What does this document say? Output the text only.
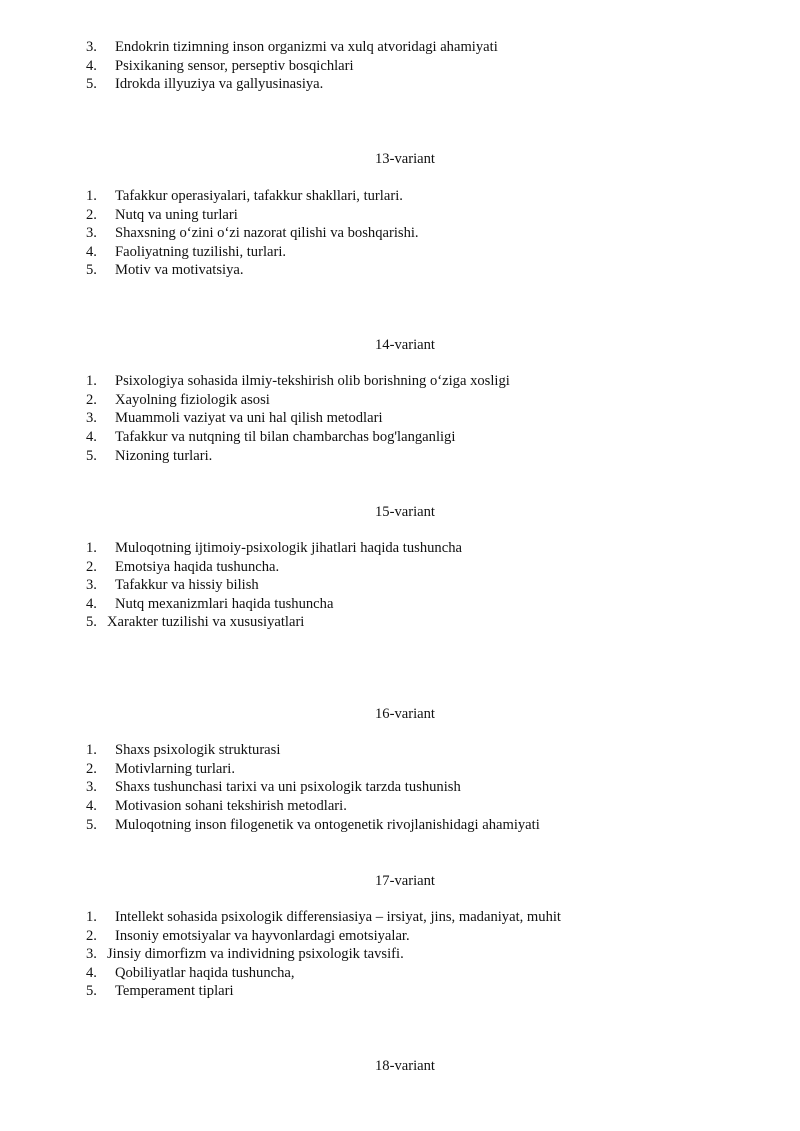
3. Endokrin tizimning inson organizmi va xulq atvoridagi ahamiyati
4. Psixikaning sensor, perseptiv bosqichlari
5. Idrokda illyuziya va gallyusinasiya.
13-variant
1. Tafakkur operasiyalari, tafakkur shakllari, turlari.
2. Nutq va uning turlari
3. Shaxsning o‘zini o‘zi nazorat qilishi va boshqarishi.
4. Faoliyatning tuzilishi, turlari.
5. Motiv va motivatsiya.
14-variant
1. Psixologiya sohasida ilmiy-tekshirish olib borishning o‘ziga xosligi
2. Xayolning fiziologik asosi
3. Muammoli vaziyat va uni hal qilish metodlari
4. Tafakkur va nutqning til bilan chambarchas bog'langanligi
5. Nizoning turlari.
15-variant
1. Muloqotning ijtimoiy-psixologik jihatlari haqida tushuncha
2. Emotsiya haqida tushuncha.
3. Tafakkur va hissiy bilish
4. Nutq mexanizmlari haqida tushuncha
5. Xarakter tuzilishi va xususiyatlari
16-variant
1. Shaxs psixologik strukturasi
2. Motivlarning turlari.
3. Shaxs tushunchasi tarixi va uni psixologik tarzda tushunish
4. Motivasion sohani tekshirish metodlari.
5. Muloqotning inson filogenetik va ontogenetik rivojlanishidagi ahamiyati
17-variant
1. Intellekt sohasida psixologik differensiasiya – irsiyat, jins, madaniyat, muhit
2. Insoniy emotsiyalar va hayvonlardagi emotsiyalar.
3. Jinsiy dimorfizm va individning psixologik tavsifi.
4. Qobiliyatlar haqida tushuncha,
5. Temperament tiplari
18-variant
